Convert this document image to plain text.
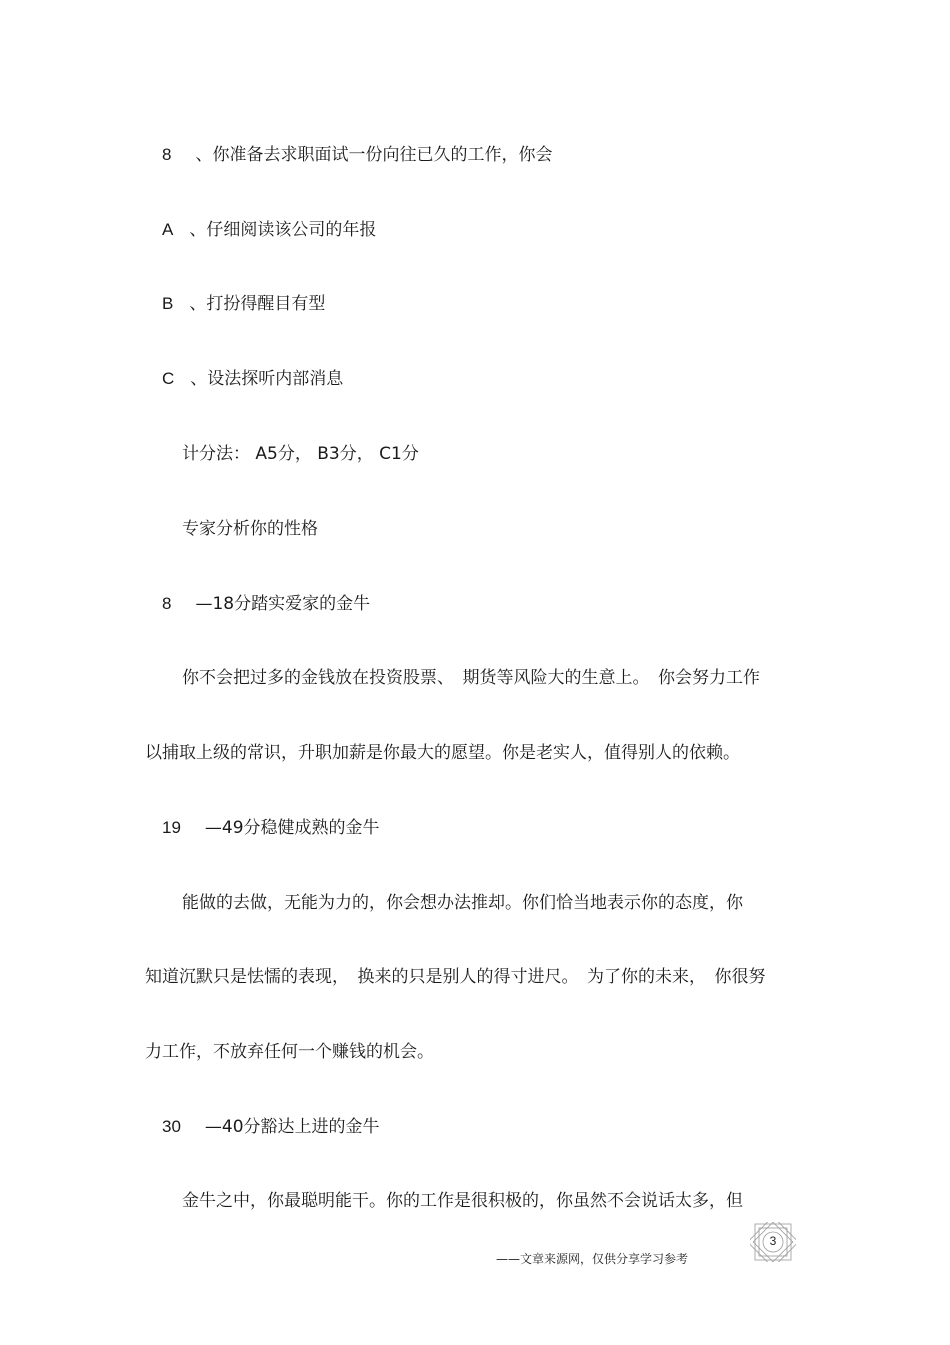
8 、你准备去求职面试一份向往已久的工作，你会
A 、仔细阅读该公司的年报
B 、打扮得醒目有型
C 、设法探听内部消息
计分法： A5分， B3分， C1分
专家分析你的性格
8 —18分踏实爱家的金牛
你不会把过多的金钱放在投资股票、　期货等风险大的生意上。　你会努力工作
以捕取上级的常识，升职加薪是你最大的愿望。你是老实人，值得别人的依赖。
19 —49分稳健成熟的金牛
能做的去做，无能为力的，你会想办法推却。你们恰当地表示你的态度，你
知道沉默只是怯懦的表现，　换来的只是别人的得寸进尺。　为了你的未来，　你很努
力工作，不放弃任何一个赚钱的机会。
30 —40分豁达上进的金牛
金牛之中，你最聪明能干。你的工作是很积极的，你虽然不会说话太多，但
——文章来源网，仅供分享学习参考
3
